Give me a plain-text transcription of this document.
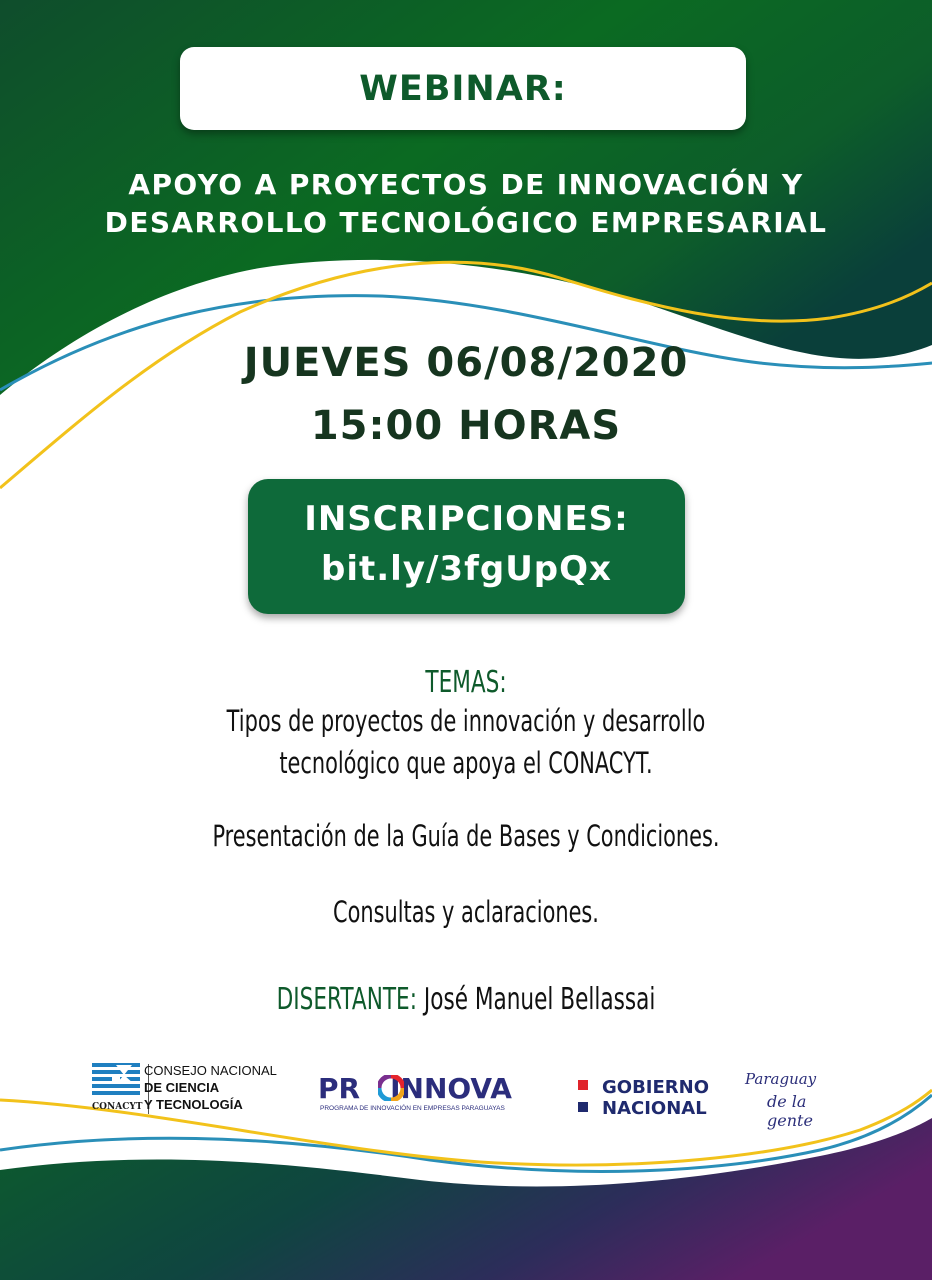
WEBINAR:
APOYO A PROYECTOS DE INNOVACIÓN Y
DESARROLLO TECNOLÓGICO EMPRESARIAL
JUEVES 06/08/2020
15:00 HORAS
INSCRIPCIONES:
bit.ly/3fgUpQx
TEMAS:
Tipos de proyectos de innovación y desarrollo
tecnológico que apoya el CONACYT.
Presentación de la Guía de Bases y Condiciones.
Consultas y aclaraciones.
DISERTANTE: José Manuel Bellassai
CONACYT
CONSEJO NACIONAL
DE CIENCIA
Y TECNOLOGÍA	PR INNOVA
PROGRAMA DE INNOVACIÓN EN EMPRESAS PARAGUAYAS
GOBIERNO
NACIONAL
Paraguay
de la gente
